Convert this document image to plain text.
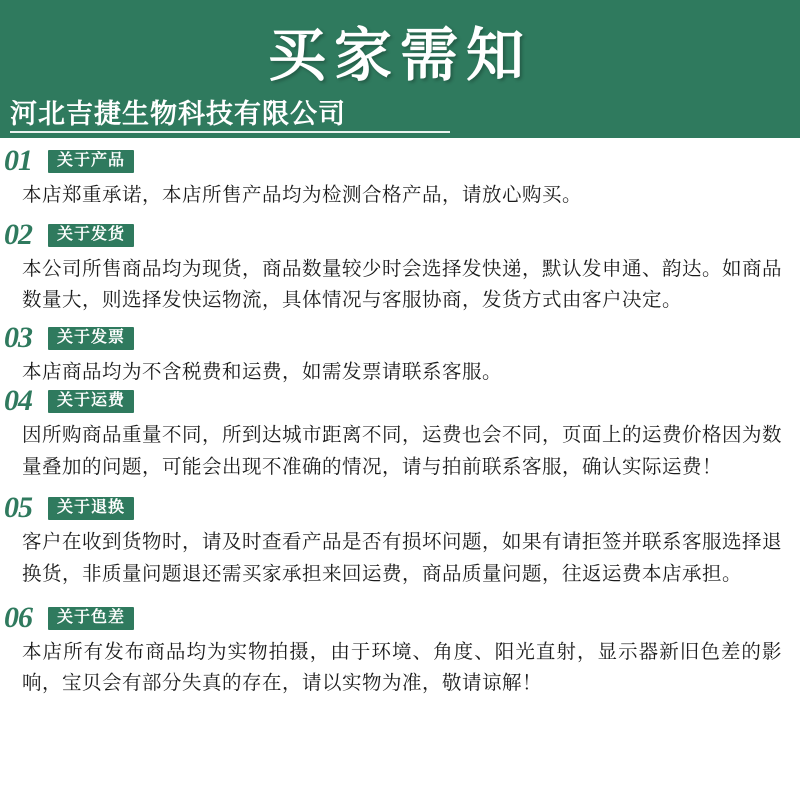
买家需知
河北吉捷生物科技有限公司
01 关于产品
本店郑重承诺，本店所售产品均为检测合格产品，请放心购买。
02 关于发货
本公司所售商品均为现货，商品数量较少时会选择发快递，默认发申通、韵达。如商品数量大，则选择发快运物流，具体情况与客服协商，发货方式由客户决定。
03 关于发票
本店商品均为不含税费和运费，如需发票请联系客服。
04 关于运费
因所购商品重量不同，所到达城市距离不同，运费也会不同，页面上的运费价格因为数量叠加的问题，可能会出现不准确的情况，请与拍前联系客服，确认实际运费！
05 关于退换
客户在收到货物时，请及时查看产品是否有损坏问题，如果有请拒签并联系客服选择退换货，非质量问题退还需买家承担来回运费，商品质量问题，往返运费本店承担。
06 关于色差
本店所有发布商品均为实物拍摄，由于环境、角度、阳光直射，显示器新旧色差的影响，宝贝会有部分失真的存在，请以实物为准，敬请谅解！
